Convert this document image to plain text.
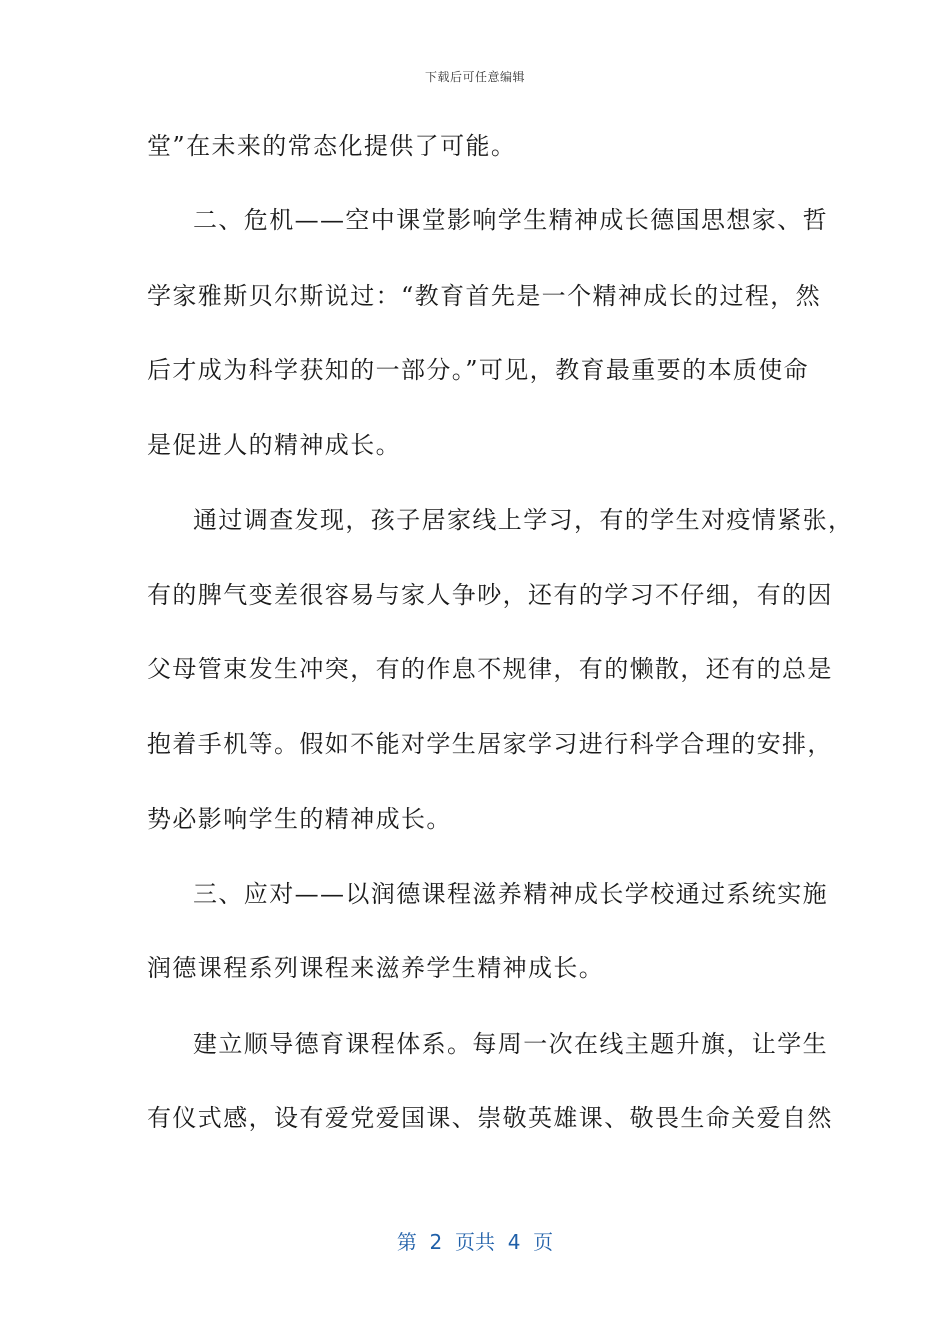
下载后可任意编辑
堂”在未来的常态化提供了可能。
二、危机——空中课堂影响学生精神成长德国思想家、哲
学家雅斯贝尔斯说过：“教育首先是一个精神成长的过程，然
后才成为科学获知的一部分。”可见，教育最重要的本质使命
是促进人的精神成长。
通过调查发现，孩子居家线上学习，有的学生对疫情紧张，
有的脾气变差很容易与家人争吵，还有的学习不仔细，有的因
父母管束发生冲突，有的作息不规律，有的懒散，还有的总是
抱着手机等。假如不能对学生居家学习进行科学合理的安排，
势必影响学生的精神成长。
三、应对——以润德课程滋养精神成长学校通过系统实施
润德课程系列课程来滋养学生精神成长。
建立顺导德育课程体系。每周一次在线主题升旗，让学生
有仪式感，设有爱党爱国课、崇敬英雄课、敬畏生命关爱自然
第  2  页共  4  页
